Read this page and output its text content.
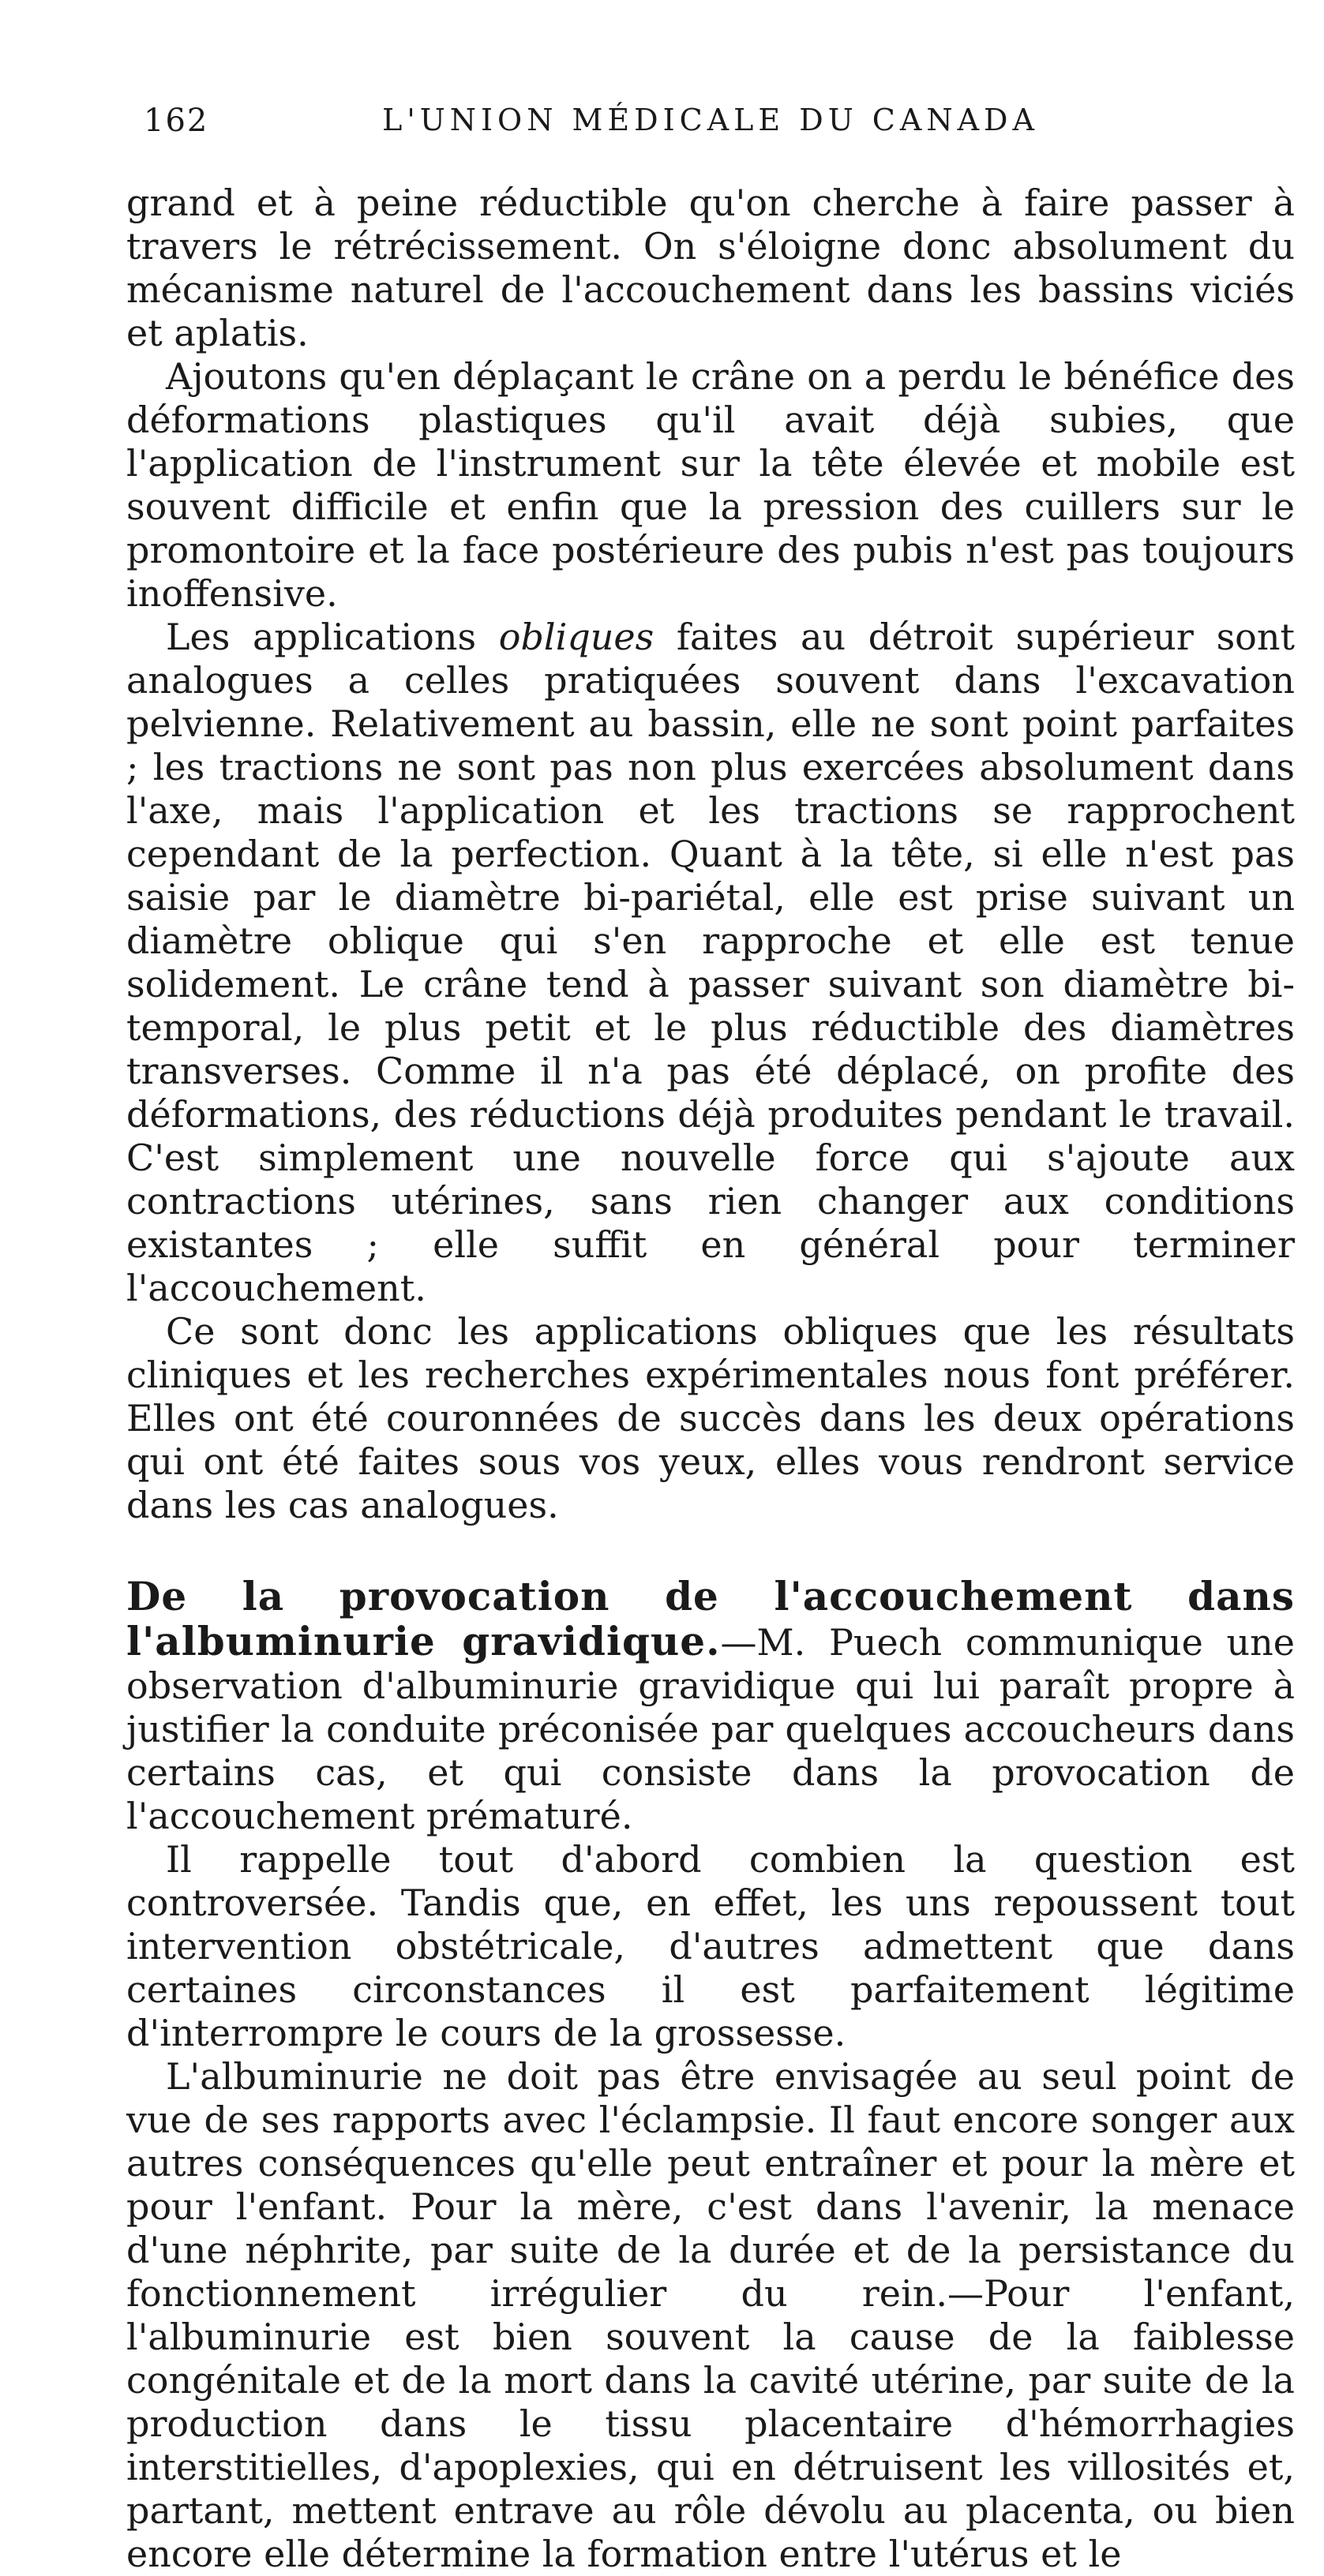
162	L'UNION MÉDICALE DU CANADA

grand et à peine réductible qu'on cherche à faire passer à travers le rétrécissement. On s'éloigne donc absolument du mécanisme naturel de l'accouchement dans les bassins viciés et aplatis.

Ajoutons qu'en déplaçant le crâne on a perdu le bénéfice des déformations plastiques qu'il avait déjà subies, que l'application de l'instrument sur la tête élevée et mobile est souvent difficile et enfin que la pression des cuillers sur le promontoire et la face postérieure des pubis n'est pas toujours inoffensive.

Les applications obliques faites au détroit supérieur sont analogues a celles pratiquées souvent dans l'excavation pelvienne. Relativement au bassin, elle ne sont point parfaites ; les tractions ne sont pas non plus exercées absolument dans l'axe, mais l'application et les tractions se rapprochent cependant de la perfection. Quant à la tête, si elle n'est pas saisie par le diamètre bi-pariétal, elle est prise suivant un diamètre oblique qui s'en rapproche et elle est tenue solidement. Le crâne tend à passer suivant son diamètre bi-temporal, le plus petit et le plus réductible des diamètres transverses. Comme il n'a pas été déplacé, on profite des déformations, des réductions déjà produites pendant le travail. C'est simplement une nouvelle force qui s'ajoute aux contractions utérines, sans rien changer aux conditions existantes ; elle suffit en général pour terminer l'accouchement.

Ce sont donc les applications obliques que les résultats cliniques et les recherches expérimentales nous font préférer. Elles ont été couronnées de succès dans les deux opérations qui ont été faites sous vos yeux, elles vous rendront service dans les cas analogues.

De la provocation de l'accouchement dans l'albuminurie gravidique.—M. Puech communique une observation d'albuminurie gravidique qui lui paraît propre à justifier la conduite préconisée par quelques accoucheurs dans certains cas, et qui consiste dans la provocation de l'accouchement prématuré.

Il rappelle tout d'abord combien la question est controversée. Tandis que, en effet, les uns repoussent tout intervention obstétricale, d'autres admettent que dans certaines circonstances il est parfaitement légitime d'interrompre le cours de la grossesse.

L'albuminurie ne doit pas être envisagée au seul point de vue de ses rapports avec l'éclampsie. Il faut encore songer aux autres conséquences qu'elle peut entraîner et pour la mère et pour l'enfant. Pour la mère, c'est dans l'avenir, la menace d'une néphrite, par suite de la durée et de la persistance du fonctionnement irrégulier du rein.—Pour l'enfant, l'albuminurie est bien souvent la cause de la faiblesse congénitale et de la mort dans la cavité utérine, par suite de la production dans le tissu placentaire d'hémorrhagies interstitielles, d'apoplexies, qui en détruisent les villosités et, partant, mettent entrave au rôle dévolu au placenta, ou bien encore elle détermine la formation entre l'utérus et le
